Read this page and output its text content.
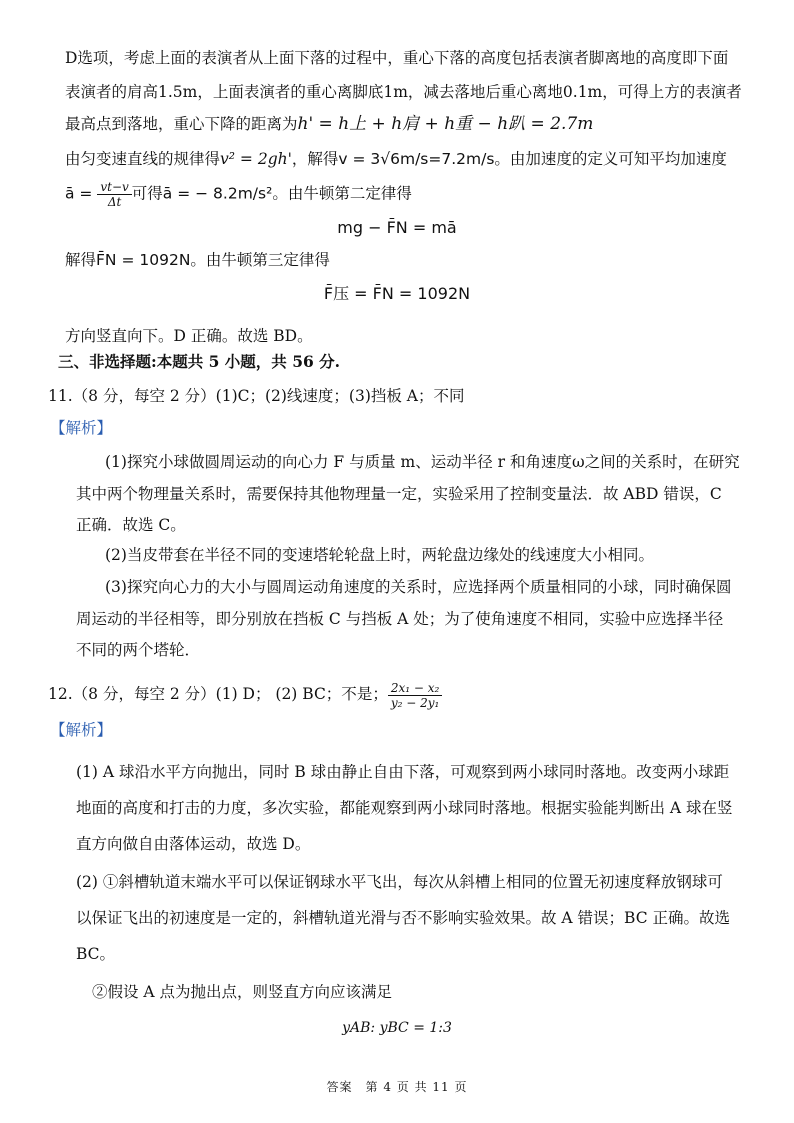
D选项，考虑上面的表演者从上面下落的过程中，重心下落的高度包括表演者脚离地的高度即下面
表演者的肩高1.5m，上面表演者的重心离脚底1m，减去落地后重心离地0.1m，可得上方的表演者
最高点到落地，重心下降的距离为h' = h上 + h肩 + h重 − h趴 = 2.7m
由匀变速直线的规律得v² = 2gh'，解得v = 3√6m/s=7.2m/s。由加速度的定义可知平均加速度
ā = $\frac{vt-v}{\Delta t}$ 可得ā = − 8.2m/s²。由牛顿第二定律得
mg − F̄N = mā
解得F̄N = 1092N。由牛顿第三定律得
F̄压 = F̄N = 1092N
方向竖直向下。D 正确。故选 BD。
三、非选择题:本题共 5 小题，共 56 分.
11.（8 分，每空 2 分）(1)C；(2)线速度；(3)挡板 A；不同
【解析】
(1)探究小球做圆周运动的向心力 F 与质量 m、运动半径 r 和角速度ω之间的关系时，在研究
其中两个物理量关系时，需要保持其他物理量一定，实验采用了控制变量法．故 ABD 错误，C
正确．故选 C。
(2)当皮带套在半径不同的变速塔轮轮盘上时，两轮盘边缘处的线速度大小相同。
(3)探究向心力的大小与圆周运动角速度的关系时，应选择两个质量相同的小球，同时确保圆
周运动的半径相等，即分别放在挡板 C 与挡板 A 处；为了使角速度不相同，实验中应选择半径
不同的两个塔轮．
12.（8 分，每空 2 分）(1) D； (2) BC；不是； $\frac{\text{2x₁ − x₂}}{\text{y₂ − 2y₁}}$
【解析】
(1) A 球沿水平方向抛出，同时 B 球由静止自由下落，可观察到两小球同时落地。改变两小球距
地面的高度和打击的力度，多次实验，都能观察到两小球同时落地。根据实验能判断出 A 球在竖
直方向做自由落体运动，故选 D。
(2) ①斜槽轨道末端水平可以保证钢球水平飞出，每次从斜槽上相同的位置无初速度释放钢球可
以保证飞出的初速度是一定的，斜槽轨道光滑与否不影响实验效果。故 A 错误；BC 正确。故选
BC。
②假设 A 点为抛出点，则竖直方向应该满足
yAB: yBC = 1:3
答案　第 4 页 共 11 页
